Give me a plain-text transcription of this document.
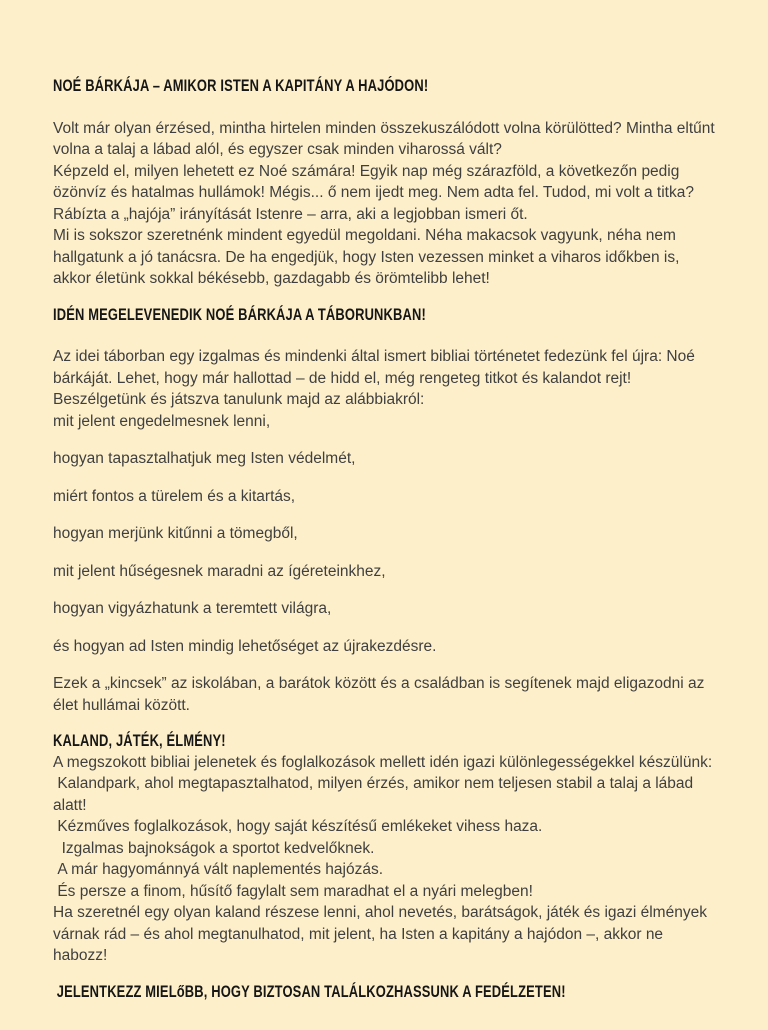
NOÉ BÁRKÁJA – AMIKOR ISTEN A KAPITÁNY A HAJÓDON!

Volt már olyan érzésed, mintha hirtelen minden összekuszálódott volna körülötted? Mintha eltűnt volna a talaj a lábad alól, és egyszer csak minden viharossá vált?

Képzeld el, milyen lehetett ez Noé számára! Egyik nap még szárazföld, a következőn pedig özönvíz és hatalmas hullámok! Mégis... ő nem ijedt meg. Nem adta fel. Tudod, mi volt a titka?

Rábízta a „hajója” irányítását Istenre – arra, aki a legjobban ismeri őt.

Mi is sokszor szeretnénk mindent egyedül megoldani. Néha makacsok vagyunk, néha nem hallgatunk a jó tanácsra. De ha engedjük, hogy Isten vezessen minket a viharos időkben is, akkor életünk sokkal békésebb, gazdagabb és örömtelibb lehet!

IDÉN MEGELEVENEDIK NOÉ BÁRKÁJA A TÁBORUNKBAN!

Az idei táborban egy izgalmas és mindenki által ismert bibliai történetet fedezünk fel újra: Noé bárkáját. Lehet, hogy már hallottad – de hidd el, még rengeteg titkot és kalandot rejt!

Beszélgetünk és játszva tanulunk majd az alábbiakról:

mit jelent engedelmesnek lenni,

hogyan tapasztalhatjuk meg Isten védelmét,

miért fontos a türelem és a kitartás,

hogyan merjünk kitűnni a tömegből,

mit jelent hűségesnek maradni az ígéreteinkhez,

hogyan vigyázhatunk a teremtett világra,

és hogyan ad Isten mindig lehetőséget az újrakezdésre.

Ezek a „kincsek” az iskolában, a barátok között és a családban is segítenek majd eligazodni az élet hullámai között.

KALAND, JÁTÉK, ÉLMÉNY!

A megszokott bibliai jelenetek és foglalkozások mellett idén igazi különlegességekkel készülünk:

Kalandpark, ahol megtapasztalhatod, milyen érzés, amikor nem teljesen stabil a talaj a lábad alatt!

Kézműves foglalkozások, hogy saját készítésű emlékeket vihess haza.

Izgalmas bajnokságok a sportot kedvelőknek.

A már hagyománnyá vált naplementés hajózás.

És persze a finom, hűsítő fagylalt sem maradhat el a nyári melegben!

Ha szeretnél egy olyan kaland részese lenni, ahol nevetés, barátságok, játék és igazi élmények várnak rád – és ahol megtanulhatod, mit jelent, ha Isten a kapitány a hajódon –, akkor ne habozz!

JELENTKEZZ MIELőBB, HOGY BIZTOSAN TALÁLKOZHASSUNK A FEDÉLZETEN!
